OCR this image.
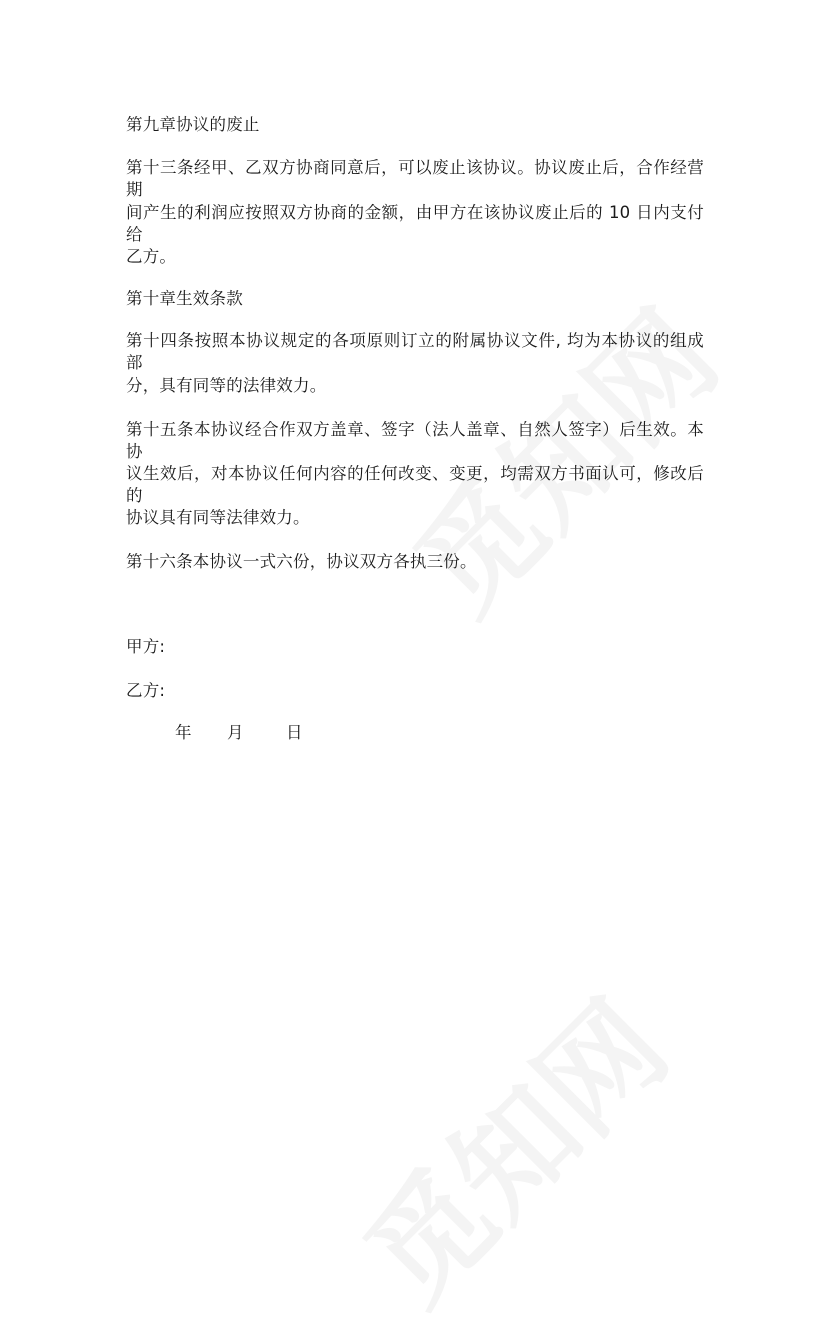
第九章协议的废止
第十三条经甲、乙双方协商同意后，可以废止该协议。协议废止后，合作经营期
间产生的利润应按照双方协商的金额，由甲方在该协议废止后的 10 日内支付给
乙方。
第十章生效条款
第十四条按照本协议规定的各项原则订立的附属协议文件, 均为本协议的组成部
分，具有同等的法律效力。
第十五条本协议经合作双方盖章、签字（法人盖章、自然人签字）后生效。本协
议生效后，对本协议任何内容的任何改变、变更，均需双方书面认可，修改后的
协议具有同等法律效力。
第十六条本协议一式六份，协议双方各执三份。
甲方:
乙方:
年 月	日
